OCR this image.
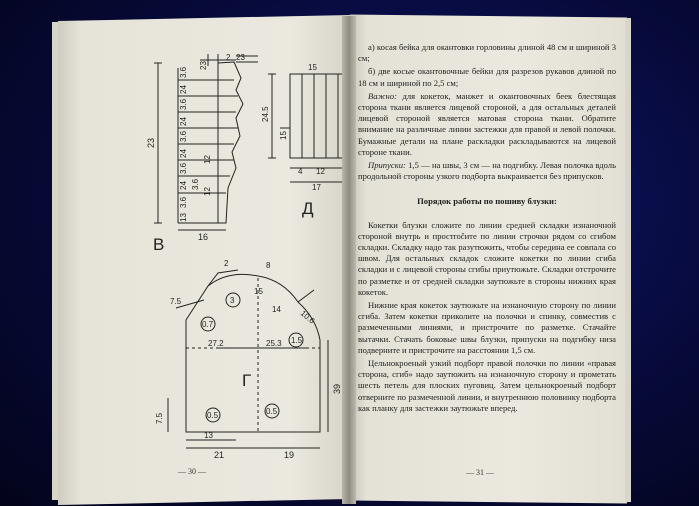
2 23
23
3.6
24
3.6
24
3.6
24
3.6
24 3.6
3.6
13
12
12
23
16
В
15
24.5
15
4 12
17
Д
2	8
7.5	3
15
14
0.7	10.6
27.2	25.3 1.5
39
7.5
13
0.5	0.5
21	19
Г
— 30 —

а) косая бейка для окантовки горловины длиной 48 см и шириной 3 см;

б) две косые окантовочные бейки для разрезов рукавов длиной по 18 см и шириной по 2,5 см;

Важно: для кокеток, манжет и окантовочных беек блестящая сторона ткани является лицевой стороной, а для остальных деталей лицевой стороной является матовая сторона ткани. Обратите внимание на различные линии застежки для правой и левой полочки. Бумажные детали на плане раскладки раскладываются на лицевой стороне ткани.

Припуски: 1,5 — на швы, 3 см — на подгибку. Левая полочка вдоль продольной стороны узкого подборта выкраивается без припусков.

Порядок работы по пошиву блузки:

Кокетки блузки сложите по линии средней складки изнаночной стороной внутрь и простročите по линии строчки рядом со сгибом складки. Складку надо так разутюжить, чтобы середина ее совпала со швом. Для остальных складок сложите кокетки по линии сгиба складки и с лицевой стороны сгибы приутюжьте. Складки отстрочите по разметке и от средней складки заутюжьте в стороны нижних края кокеток.

Нижние края кокеток заутюжьте на изнаночную сторону по линии сгиба. Затем кокетки приколите на полочки и спинку, совместив с размеченными линиями, и пристрочите по разметке. Стачайте вытачки. Стачать боковые швы блузки, припуски на подгибку низа подверните и пристрочите на расстоянии 1,5 см.

Цельнокроеный узкий подборт правой полочки по линии «правая сторона, сгиб» надо заутюжить на изнаночную сторону и прометать шесть петель для плоских пуговиц. Затем цельнокроеный подборт отверните по размеченной линии, и внутреннюю половинку подборта как планку для застежки заутюжьте вперед.

— 31 —
